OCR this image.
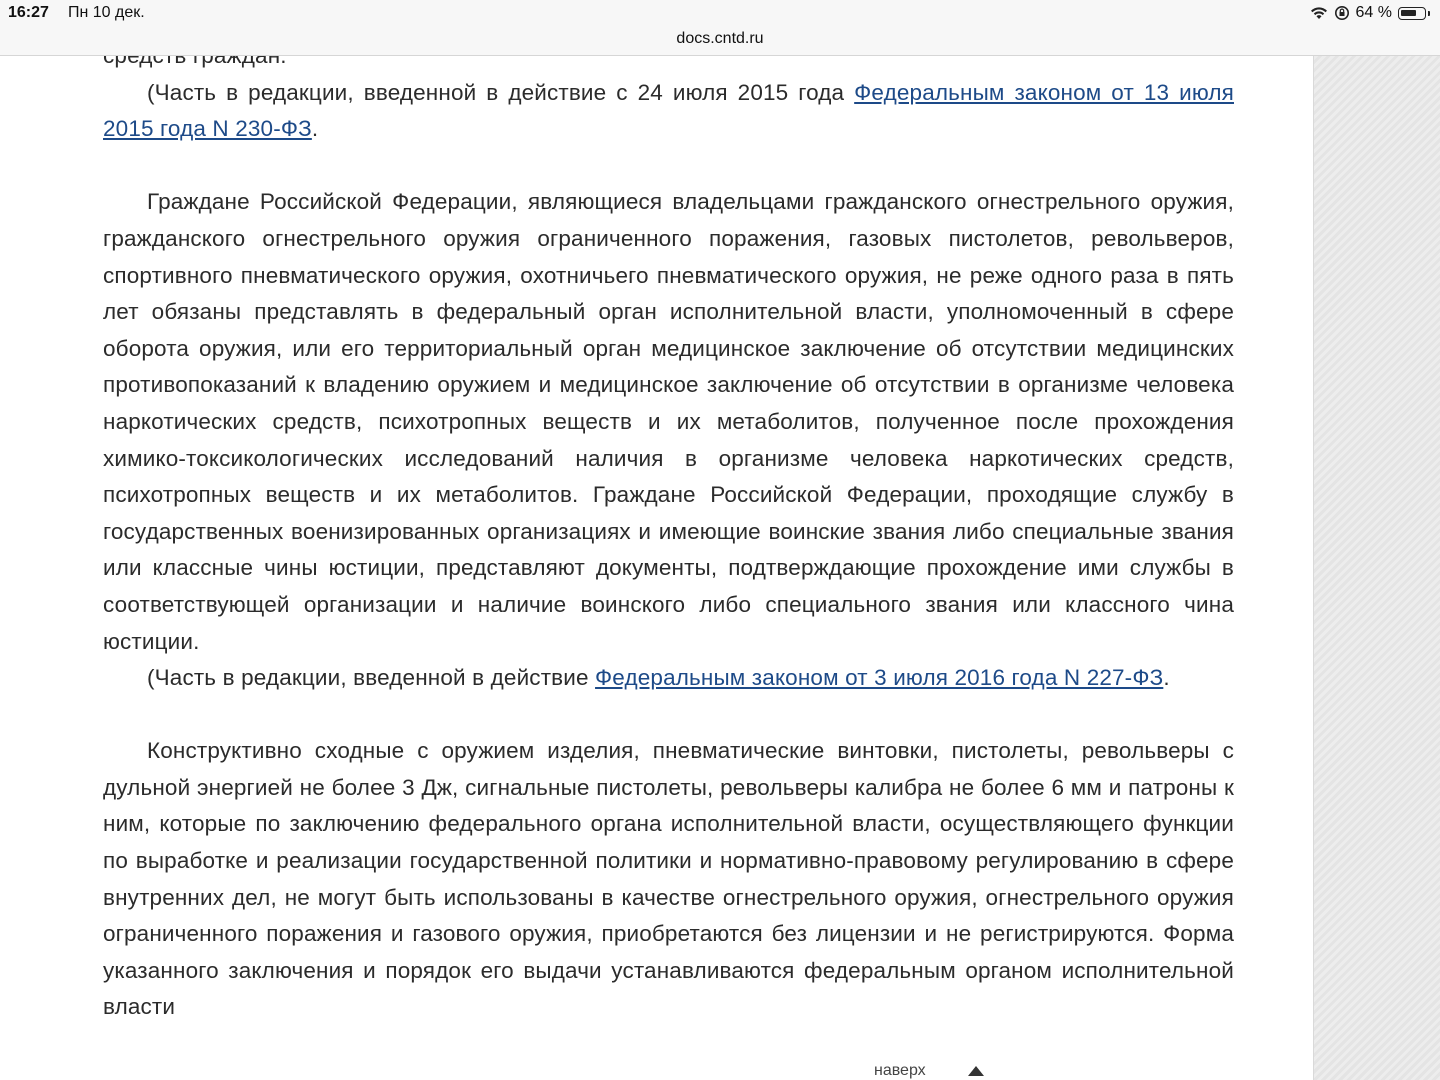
16:27 Пн 10 дек.	64 %
docs.cntd.ru

(Часть в редакции, введенной в действие с 24 июля 2015 года Федеральным законом от 13 июля 2015 года N 230-ФЗ.

Граждане Российской Федерации, являющиеся владельцами гражданского огнестрельного оружия, гражданского огнестрельного оружия ограниченного поражения, газовых пистолетов, револьверов, спортивного пневматического оружия, охотничьего пневматического оружия, не реже одного раза в пять лет обязаны представлять в федеральный орган исполнительной власти, уполномоченный в сфере оборота оружия, или его территориальный орган медицинское заключение об отсутствии медицинских противопоказаний к владению оружием и медицинское заключение об отсутствии в организме человека наркотических средств, психотропных веществ и их метаболитов, полученное после прохождения химико-токсикологических исследований наличия в организме человека наркотических средств, психотропных веществ и их метаболитов. Граждане Российской Федерации, проходящие службу в государственных военизированных организациях и имеющие воинские звания либо специальные звания или классные чины юстиции, представляют документы, подтверждающие прохождение ими службы в соответствующей организации и наличие воинского либо специального звания или классного чина юстиции.

(Часть в редакции, введенной в действие Федеральным законом от 3 июля 2016 года N 227-ФЗ.

Конструктивно сходные с оружием изделия, пневматические винтовки, пистолеты, револьверы с дульной энергией не более 3 Дж, сигнальные пистолеты, револьверы калибра не более 6 мм и патроны к ним, которые по заключению федерального органа исполнительной власти, осуществляющего функции по выработке и реализации государственной политики и нормативно-правовому регулированию в сфере внутренних дел, не могут быть использованы в качестве огнестрельного оружия, огнестрельного оружия ограниченного поражения и газового оружия, приобретаются без лицензии и не регистрируются. Форма указанного заключения и порядок его выдачи устанавливаются федеральным органом исполнительной власти

наверх
